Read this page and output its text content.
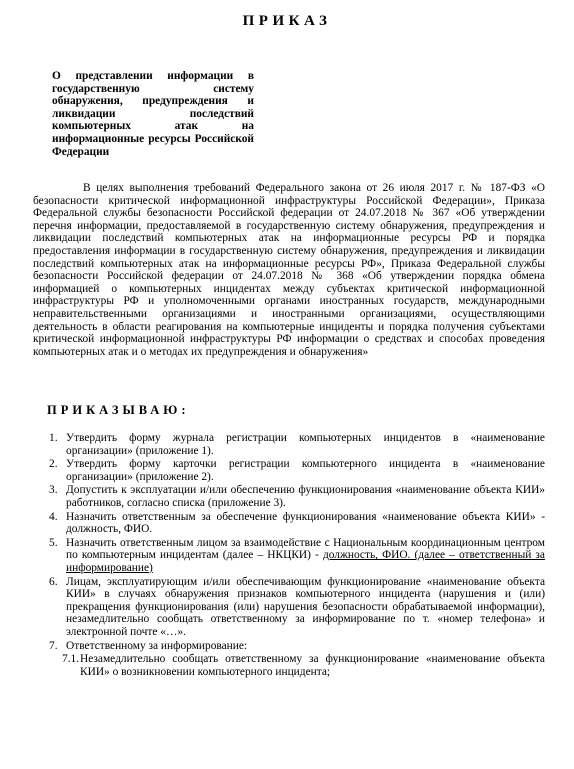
ПРИКАЗ
О представлении информации в государственную систему обнаружения, предупреждения и ликвидации последствий компьютерных атак на информационные ресурсы Российской Федерации

В целях выполнения требований Федерального закона от 26 июля 2017 г. № 187-ФЗ «О безопасности критической информационной инфраструктуры Российской Федерации», Приказа Федеральной службы безопасности Российской федерации от 24.07.2018 № 367 «Об утверждении перечня информации, предоставляемой в государственную систему обнаружения, предупреждения и ликвидации последствий компьютерных атак на информационные ресурсы РФ и порядка предоставления информации в государственную систему обнаружения, предупреждения и ликвидации последствий компьютерных атак на информационные ресурсы РФ», Приказа Федеральной службы безопасности Российской федерации от 24.07.2018 № 368 «Об утверждении порядка обмена информацией о компьютерных инцидентах между субъектах критической информационной инфраструктуры РФ и уполномоченными органами иностранных государств, международными неправительственными организациями и иностранными организациями, осуществляющими деятельность в области реагирования на компьютерные инциденты и порядка получения субъектами критической информационной инфраструктуры РФ информации о средствах и способах проведения компьютерных атак и о методах их предупреждения и обнаружения»

ПРИКАЗЫВАЮ:
1. Утвердить форму журнала регистрации компьютерных инцидентов в «наименование организации» (приложение 1).
2. Утвердить форму карточки регистрации компьютерного инцидента в «наименование организации» (приложение 2).
3. Допустить к эксплуатации и/или обеспечению функционирования «наименование объекта КИИ» работников, согласно списка (приложение 3).
4. Назначить ответственным за обеспечение функционирования «наименование объекта КИИ» - должность, ФИО.
5. Назначить ответственным лицом за взаимодействие с Национальным координационным центром по компьютерным инцидентам (далее – НКЦКИ) - должность, ФИО. (далее – ответственный за информирование)
6. Лицам, эксплуатирующим и/или обеспечивающим функционирование «наименование объекта КИИ» в случаях обнаружения признаков компьютерного инцидента (нарушения и (или) прекращения функционирования (или) нарушения безопасности обрабатываемой информации), незамедлительно сообщать ответственному за информирование по т. «номер телефона» и электронной почте «…».
7. Ответственному за информирование:
7.1. Незамедлительно сообщать ответственному за функционирование «наименование объекта КИИ» о возникновении компьютерного инцидента;
